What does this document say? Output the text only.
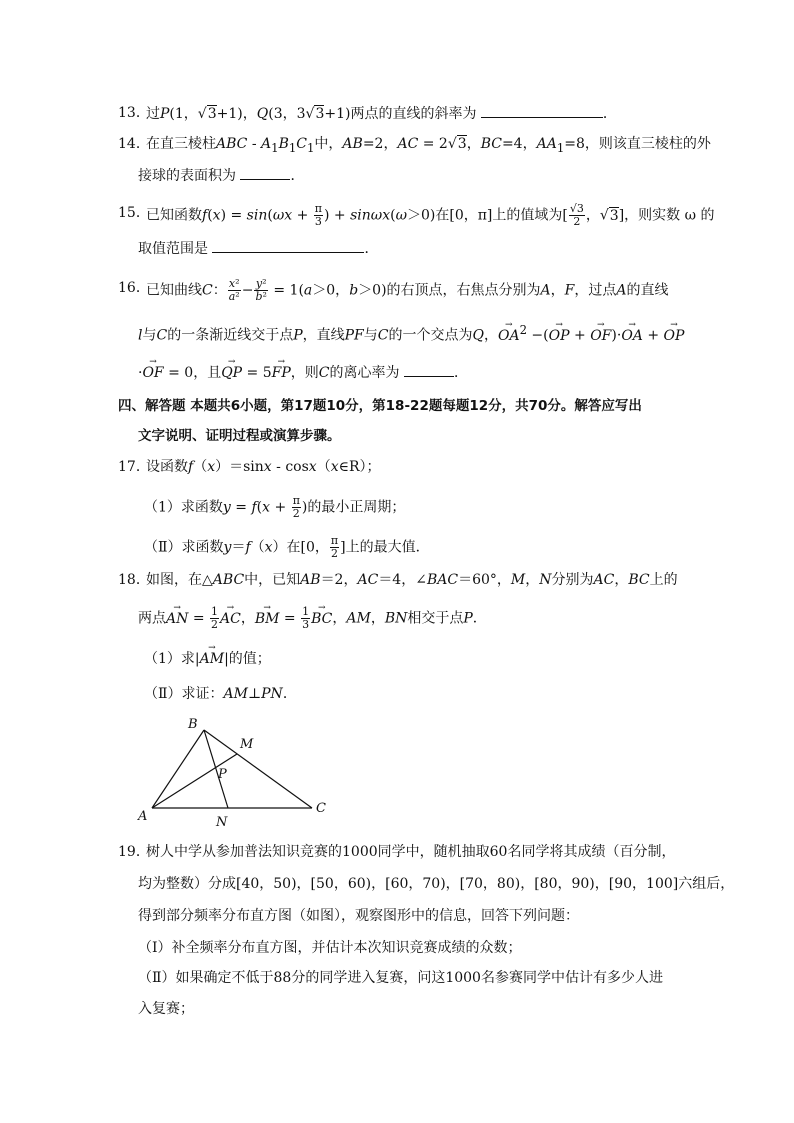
13．
过P(1，√3+1)，Q(3，3√3+1)两点的直线的斜率为	．
14．
在直三棱柱ABC - $A_1B_1C_1$中，AB=2，AC = 2√3，BC=4，$AA_1=8$，则该直三棱柱的外
接球的表面积为	．
15．
已知函数$f(x) = \sin(\omega x + \frac{\pi}{3}$ ) + sinωx(ω＞0)在[0，π]上的值域为[ $\frac{√3}{2}$ ，√3]，则实数 ω 的
取值范围是	．
16．
已知曲线C： $\frac{\text{x²}}{\text{a²}} - \frac{\text{y²}}{\text{b²}} = 1(a>0$，b＞0)的右顶点，右焦点分别为A，F，过点A的直线
l与C的一条渐近线交于点P，直线PF与C的一个交点为Q，→ $OA^2$ −(→ OP + → OF)·→ OA + → OP
·→ OF = 0，且→ QP = 5→ FP，则C的离心率为	．
四、解答题 本题共6小题，第17题10分，第18-22题每题12分，共70分。解答应写出
文字说明、证明过程或演算步骤。
17．
设函数f（x）＝sinx - cosx（x∈R）；
（1）求函数$y = f(x + \frac{\pi}{2}$ )的最小正周期；
（Ⅱ）求函数y＝f（x）在[0， $\frac{\pi}{2}$ ]上的最大值．
18．
如图，在△ABC中，已知AB＝2，AC＝4，∠BAC＝60°，M，N分别为AC，BC上的
两点→ AN = $\frac{1}{2}$ → AC，→ BM = $\frac{1}{3}$ → BC，AM，BN相交于点P．
（1）求|→ AM|的值；
（Ⅱ）求证：AM⊥PN．
B
M
P
A
C
N
19．
树人中学从参加普法知识竞赛的1000同学中，随机抽取60名同学将其成绩（百分制，
均为整数）分成[40，50)，[50，60)，[60，70)，[70，80)，[80，90)，[90，100]六组后，
得到部分频率分布直方图（如图），观察图形中的信息，回答下列问题：
（Ⅰ）补全频率分布直方图，并估计本次知识竞赛成绩的众数；
（Ⅱ）如果确定不低于88分的同学进入复赛，问这1000名参赛同学中估计有多少人进
入复赛；
